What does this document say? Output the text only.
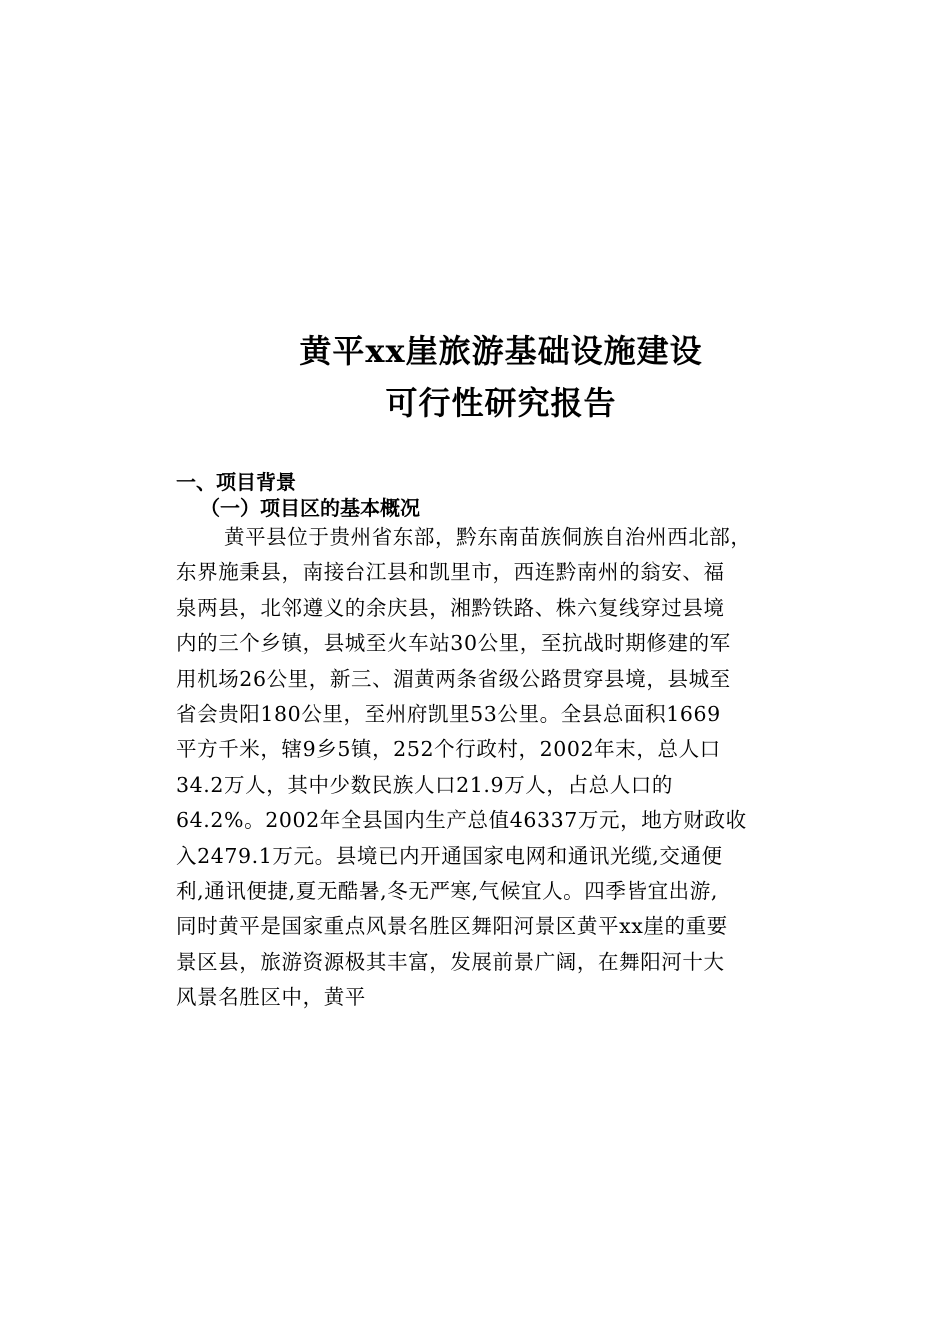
黄平xx崖旅游基础设施建设
可行性研究报告
一、项目背景
（一）项目区的基本概况
黄平县位于贵州省东部，黔东南苗族侗族自治州西北部，
东界施秉县，南接台江县和凯里市，西连黔南州的翁安、福
泉两县，北邻遵义的余庆县，湘黔铁路、株六复线穿过县境
内的三个乡镇，县城至火车站30公里，至抗战时期修建的军
用机场26公里，新三、湄黄两条省级公路贯穿县境，县城至
省会贵阳180公里，至州府凯里53公里。全县总面积1669
平方千米，辖9乡5镇，252个行政村，2002年末，总人口
34.2万人，其中少数民族人口21.9万人，占总人口的
64.2%。2002年全县国内生产总值46337万元，地方财政收
入2479.1万元。县境已内开通国家电网和通讯光缆,交通便
利,通讯便捷,夏无酷暑,冬无严寒,气候宜人。四季皆宜出游,
同时黄平是国家重点风景名胜区舞阳河景区黄平xx崖的重要
景区县，旅游资源极其丰富，发展前景广阔，在舞阳河十大
风景名胜区中，黄平
